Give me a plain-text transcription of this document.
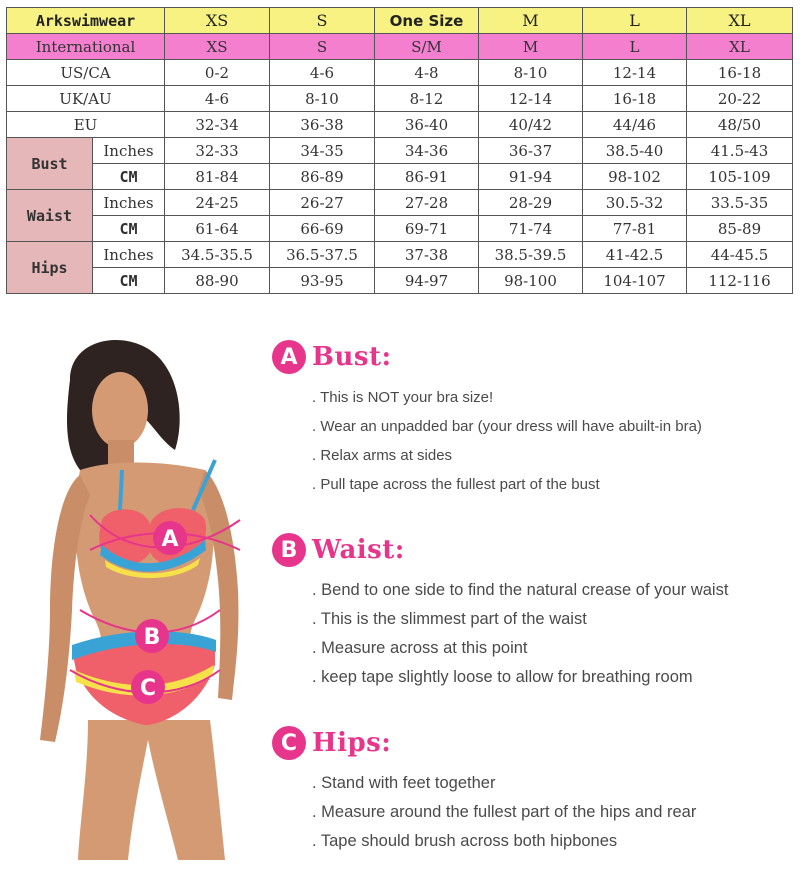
Arkswimwear		XS	S	One Size	M	L	XL
International		XS	S	S/M	M	L	XL
US/CA		0-2	4-6	4-8	8-10	12-14	16-18
UK/AU		4-6	8-10	8-12	12-14	16-18	20-22
EU		32-34	36-38	36-40	40/42	44/46	48/50
Bust	Inches	32-33	34-35	34-36	36-37	38.5-40	41.5-43
	CM	81-84	86-89	86-91	91-94	98-102	105-109
Waist	Inches	24-25	26-27	27-28	28-29	30.5-32	33.5-35
	CM	61-64	66-69	69-71	71-74	77-81	85-89
Hips	Inches	34.5-35.5	36.5-37.5	37-38	38.5-39.5	41-42.5	44-45.5
	CM	88-90	93-95	94-97	98-100	104-107	112-116
A
B
C
A Bust:
. This is NOT your bra size!
. Wear an unpadded bar (your dress will have abuilt-in bra)
. Relax arms at sides
. Pull tape across the fullest part of the bust
B Waist:
. Bend to one side to find the natural crease of your waist
. This is the slimmest part of the waist
. Measure across at this point
. keep tape slightly loose to allow for breathing room
C Hips:
. Stand with feet together
. Measure around the fullest part of the hips and rear
. Tape should brush across both hipbones
